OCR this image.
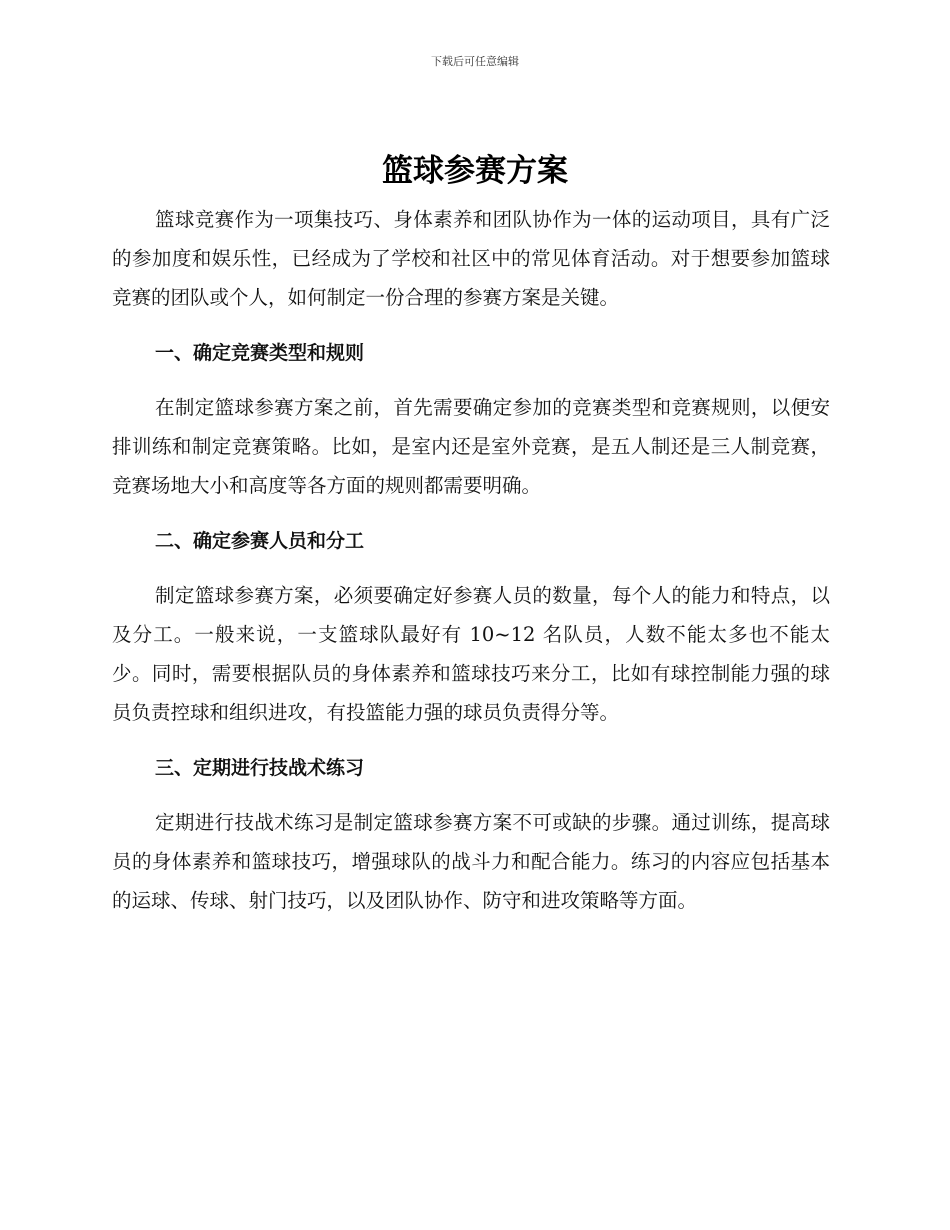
下载后可任意编辑
篮球参赛方案

篮球竞赛作为一项集技巧、身体素养和团队协作为一体的运动项目，具有广泛的参加度和娱乐性，已经成为了学校和社区中的常见体育活动。对于想要参加篮球竞赛的团队或个人，如何制定一份合理的参赛方案是关键。

一、确定竞赛类型和规则

在制定篮球参赛方案之前，首先需要确定参加的竞赛类型和竞赛规则，以便安排训练和制定竞赛策略。比如，是室内还是室外竞赛，是五人制还是三人制竞赛，竞赛场地大小和高度等各方面的规则都需要明确。

二、确定参赛人员和分工

制定篮球参赛方案，必须要确定好参赛人员的数量，每个人的能力和特点，以及分工。一般来说，一支篮球队最好有 10~12 名队员，人数不能太多也不能太少。同时，需要根据队员的身体素养和篮球技巧来分工，比如有球控制能力强的球员负责控球和组织进攻，有投篮能力强的球员负责得分等。

三、定期进行技战术练习

定期进行技战术练习是制定篮球参赛方案不可或缺的步骤。通过训练，提高球员的身体素养和篮球技巧，增强球队的战斗力和配合能力。练习的内容应包括基本的运球、传球、射门技巧，以及团队协作、防守和进攻策略等方面。
